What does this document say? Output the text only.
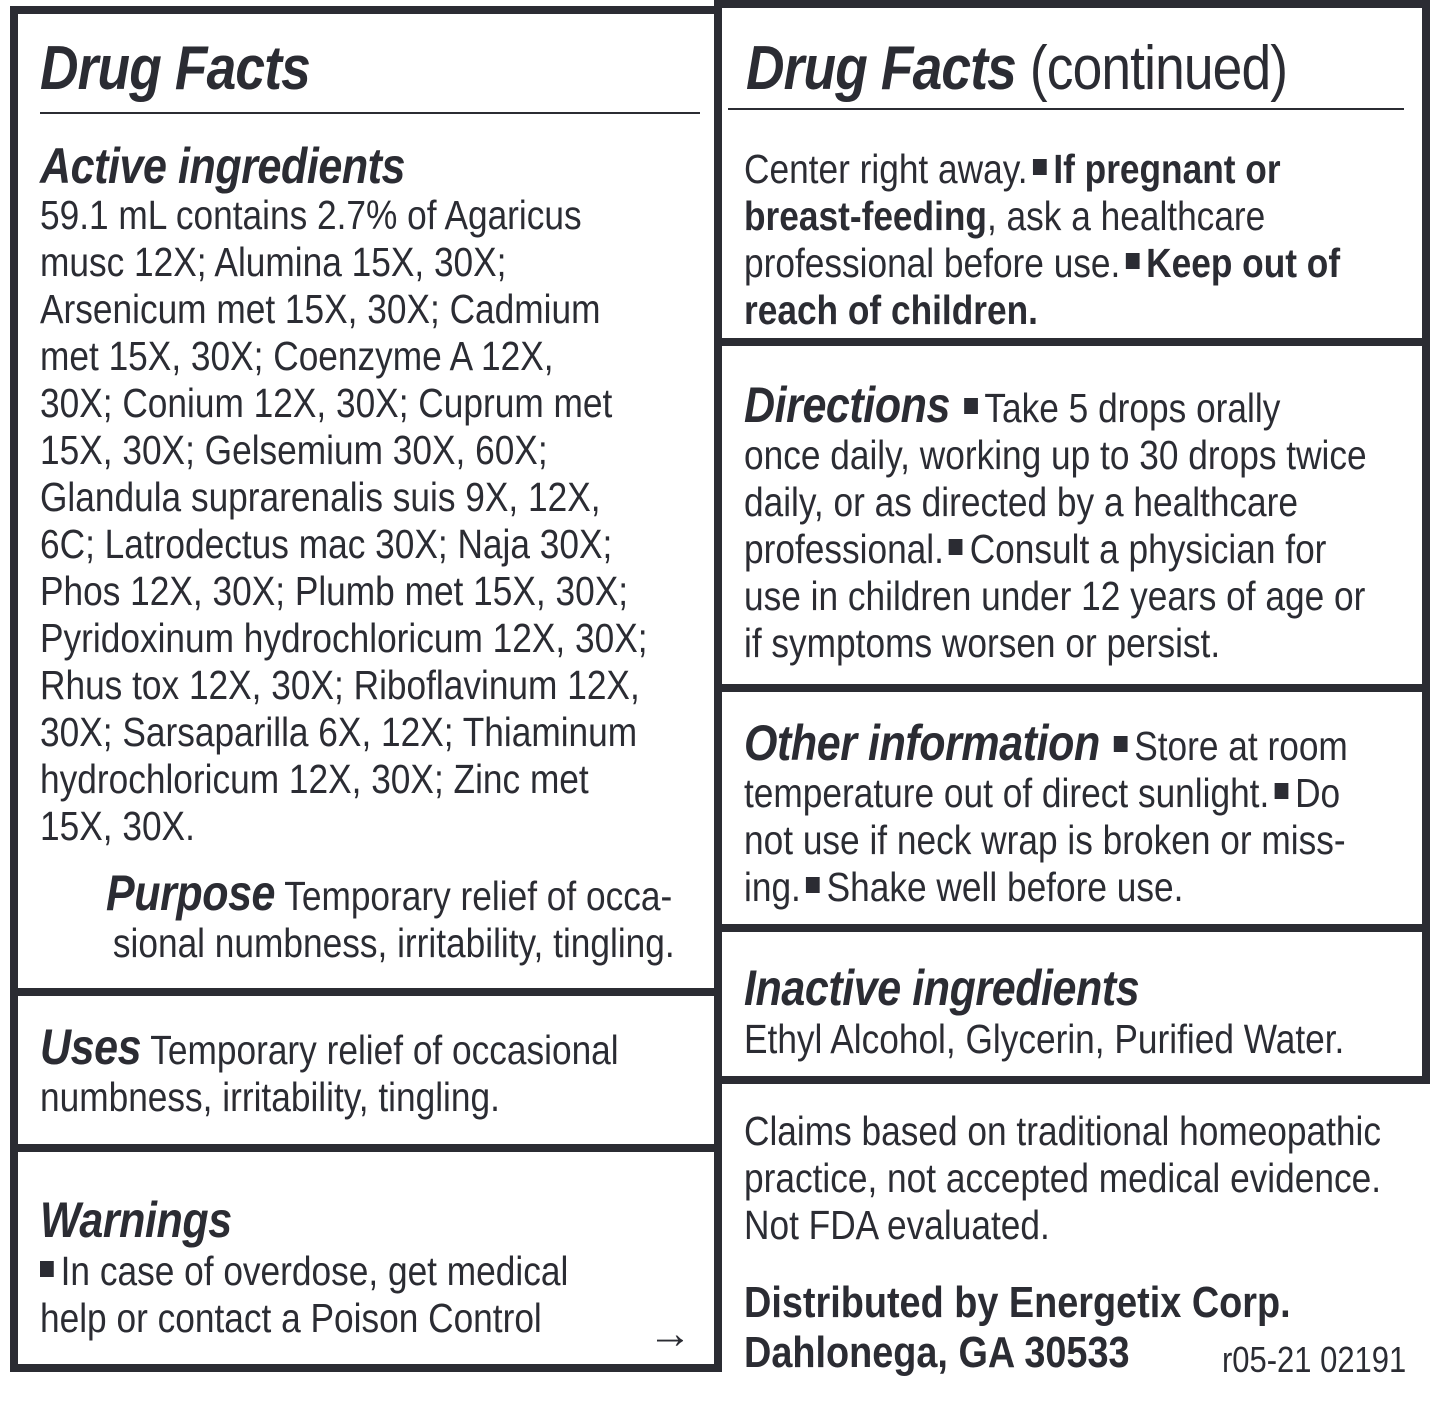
Drug Facts
Active ingredients
59.1 mL contains 2.7% of Agaricus
musc 12X; Alumina 15X, 30X;
Arsenicum met 15X, 30X; Cadmium
met 15X, 30X; Coenzyme A 12X,
30X; Conium 12X, 30X; Cuprum met
15X, 30X; Gelsemium 30X, 60X;
Glandula suprarenalis suis 9X, 12X,
6C; Latrodectus mac 30X; Naja 30X;
Phos 12X, 30X; Plumb met 15X, 30X;
Pyridoxinum hydrochloricum 12X, 30X;
Rhus tox 12X, 30X; Riboflavinum 12X,
30X; Sarsaparilla 6X, 12X; Thiaminum
hydrochloricum 12X, 30X; Zinc met
15X, 30X.
Purpose Temporary relief of occa-
sional numbness, irritability, tingling.
Uses Temporary relief of occasional
numbness, irritability, tingling.
Warnings
In case of overdose, get medical
help or contact a Poison Control	→
Drug Facts (continued)
Center right away. If pregnant or
breast-feeding, ask a healthcare
professional before use. Keep out of
reach of children.
Directions Take 5 drops orally
once daily, working up to 30 drops twice
daily, or as directed by a healthcare
professional. Consult a physician for
use in children under 12 years of age or
if symptoms worsen or persist.
Other information Store at room
temperature out of direct sunlight. Do
not use if neck wrap is broken or miss-
ing. Shake well before use.
Inactive ingredients
Ethyl Alcohol, Glycerin, Purified Water.
Claims based on traditional homeopathic
practice, not accepted medical evidence.
Not FDA evaluated.
Distributed by Energetix Corp.
Dahlonega, GA 30533	r05-21 02191
